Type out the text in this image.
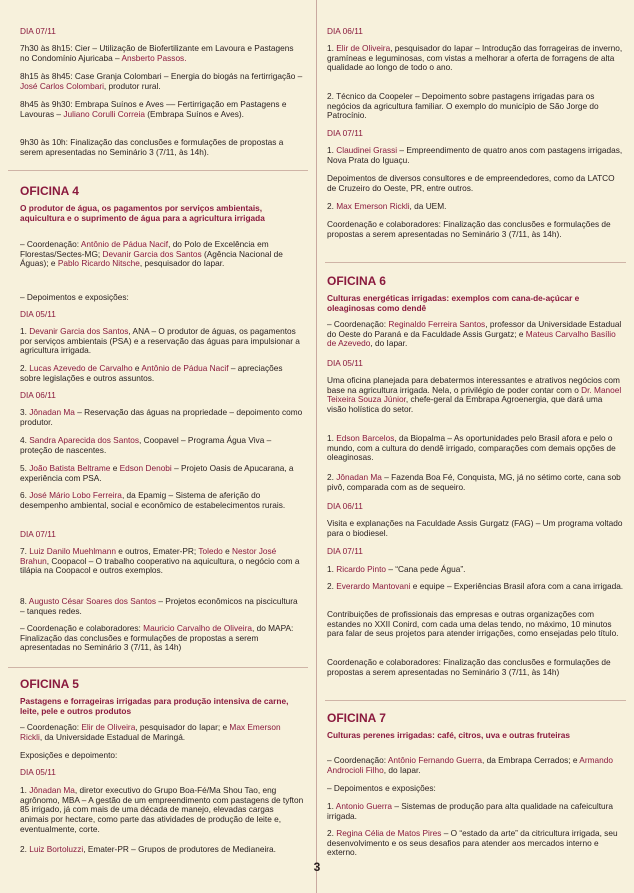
DIA 07/11

7h30 às 8h15: Cier – Utilização de Biofertilizante em Lavoura e Pastagens no Condomínio Ajuricaba – Ansberto Passos.

8h15 às 8h45: Case Granja Colombari – Energia do biogás na fertirrigação – José Carlos Colombari, produtor rural.

8h45 às 9h30: Embrapa Suínos e Aves –– Fertirrigação em Pastagens e Lavouras – Juliano Corulli Correia (Embrapa Suínos e Aves).

9h30 às 10h: Finalização das conclusões e formulações de propostas a serem apresentadas no Seminário 3 (7/11, às 14h).

OFICINA 4

O produtor de água, os pagamentos por serviços ambientais, aquicultura e o suprimento de água para a agricultura irrigada

– Coordenação: Antônio de Pádua Nacif, do Polo de Excelência em Florestas/Sectes-MG; Devanir Garcia dos Santos (Agência Nacional de Águas); e Pablo Ricardo Nitsche, pesquisador do Iapar.

– Depoimentos e exposições:

DIA 05/11

1. Devanir Garcia dos Santos, ANA – O produtor de águas, os pagamentos por serviços ambientais (PSA) e a reservação das águas para impulsionar a agricultura irrigada.

2. Lucas Azevedo de Carvalho e Antônio de Pádua Nacif – apreciações sobre legislações e outros assuntos.

DIA 06/11

3. Jônadan Ma – Reservação das águas na propriedade – depoimento como produtor.

4. Sandra Aparecida dos Santos, Coopavel – Programa Água Viva – proteção de nascentes.

5. João Batista Beltrame e Edson Denobi – Projeto Oasis de Apucarana, a experiência com PSA.

6. José Mário Lobo Ferreira, da Epamig – Sistema de aferição do desempenho ambiental, social e econômico de estabelecimentos rurais.

DIA 07/11

7. Luiz Danilo Muehlmann e outros, Emater-PR; Toledo e Nestor José Brahun, Coopacol – O trabalho cooperativo na aquicultura, o negócio com a tilápia na Coopacol e outros exemplos.

8. Augusto César Soares dos Santos – Projetos econômicos na piscicultura – tanques redes.

– Coordenação e colaboradores: Mauricio Carvalho de Oliveira, do MAPA: Finalização das conclusões e formulações de propostas a serem apresentadas no Seminário 3 (7/11, às 14h)

OFICINA 5

Pastagens e forrageiras irrigadas para produção intensiva de carne, leite, pele e outros produtos

– Coordenação: Elir de Oliveira, pesquisador do Iapar; e Max Emerson Rickli, da Universidade Estadual de Maringá.

Exposições e depoimento:

DIA 05/11

1. Jônadan Ma, diretor executivo do Grupo Boa-Fé/Ma Shou Tao, eng agrônomo, MBA – A gestão de um empreendimento com pastagens de tyfton 85 irrigado, já com mais de uma década de manejo, elevadas cargas animais por hectare, como parte das atividades de produção de leite e, eventualmente, corte.

2. Luiz Bortoluzzi, Emater-PR – Grupos de produtores de Medianeira.

DIA 06/11

1. Elir de Oliveira, pesquisador do Iapar – Introdução das forrageiras de inverno, gramíneas e leguminosas, com vistas a melhorar a oferta de forragens de alta qualidade ao longo de todo o ano.

2. Técnico da Coopeler – Depoimento sobre pastagens irrigadas para os negócios da agricultura familiar. O exemplo do município de São Jorge do Patrocínio.

DIA 07/11

1. Claudinei Grassi – Empreendimento de quatro anos com pastagens irrigadas, Nova Prata do Iguaçu.

Depoimentos de diversos consultores e de empreendedores, como da LATCO de Cruzeiro do Oeste, PR, entre outros.

2. Max Emerson Rickli, da UEM.

Coordenação e colaboradores: Finalização das conclusões e formulações de propostas a serem apresentadas no Seminário 3 (7/11, às 14h).

OFICINA 6

Culturas energéticas irrigadas: exemplos com cana-de-açúcar e oleaginosas como dendê

– Coordenação: Reginaldo Ferreira Santos, professor da Universidade Estadual do Oeste do Paraná e da Faculdade Assis Gurgatz; e Mateus Carvalho Basílio de Azevedo, do Iapar.

DIA 05/11

Uma oficina planejada para debatermos interessantes e atrativos negócios com base na agricultura irrigada. Nela, o privilégio de poder contar com o Dr. Manoel Teixeira Souza Júnior, chefe-geral da Embrapa Agroenergia, que dará uma visão holística do setor.

1. Edson Barcelos, da Biopalma – As oportunidades pelo Brasil afora e pelo o mundo, com a cultura do dendê irrigado, comparações com demais opções de oleaginosas.

2. Jônadan Ma – Fazenda Boa Fé, Conquista, MG, já no sétimo corte, cana sob pivô, comparada com as de sequeiro.

DIA 06/11

Visita e explanações na Faculdade Assis Gurgatz (FAG) – Um programa voltado para o biodiesel.

DIA 07/11

1. Ricardo Pinto – “Cana pede Água”.

2. Everardo Mantovani e equipe – Experiências Brasil afora com a cana irrigada.

Contribuições de profissionais das empresas e outras organizações com estandes no XXII Conird, com cada uma delas tendo, no máximo, 10 minutos para falar de seus projetos para atender irrigações, como ensejadas pelo título.

Coordenação e colaboradores: Finalização das conclusões e formulações de propostas a serem apresentadas no Seminário 3 (7/11, às 14h)

OFICINA 7

Culturas perenes irrigadas: café, citros, uva e outras fruteiras

– Coordenação: Antônio Fernando Guerra, da Embrapa Cerrados; e Armando Androcioli Filho, do Iapar.

– Depoimentos e exposições:

1. Antonio Guerra – Sistemas de produção para alta qualidade na cafeicultura irrigada.

2. Regina Célia de Matos Pires – O “estado da arte” da citricultura irrigada, seu desenvolvimento e os seus desafios para atender aos mercados interno e externo.

3
